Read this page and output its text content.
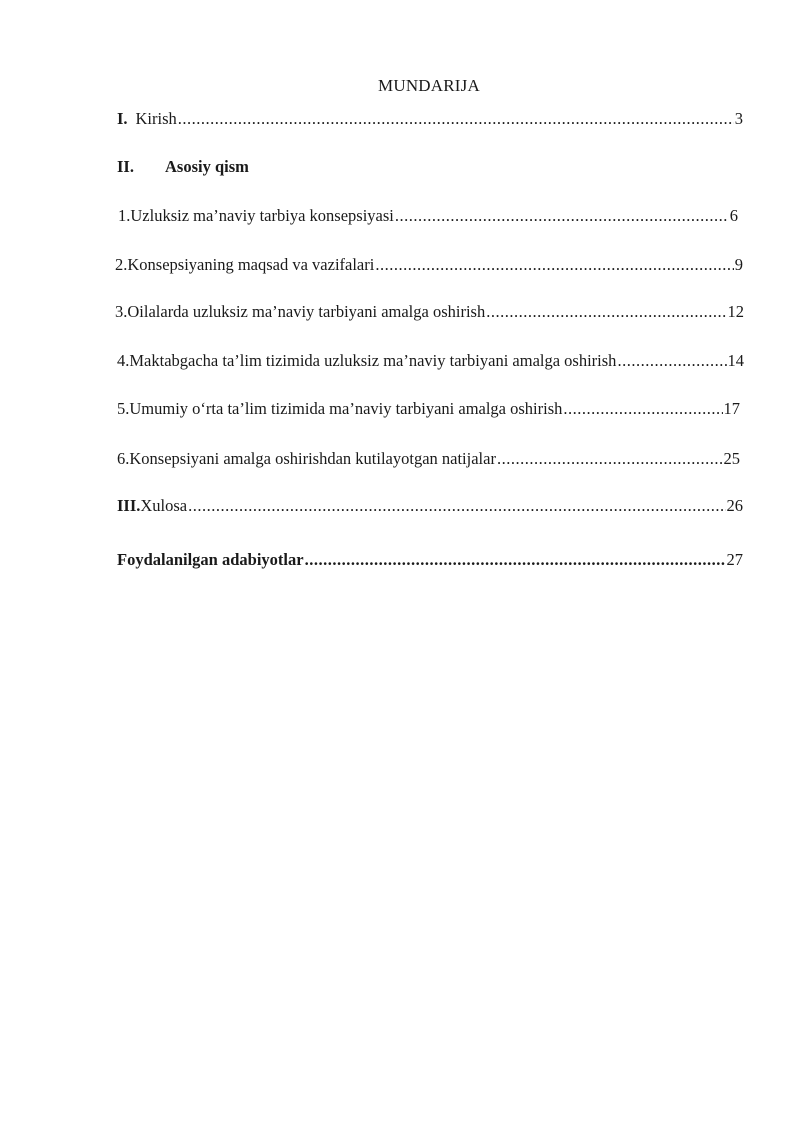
MUNDARIJA
I. Kirish .....	3
II.	Asosiy qism
1. Uzluksiz ma’naviy tarbiya konsepsiyasi .....	6
2. Konsepsiyaning maqsad va vazifalari .....	9
3. Oilalarda uzluksiz ma’naviy tarbiyani amalga oshirish .....	12
4. Maktabgacha ta’lim tizimida uzluksiz ma’naviy tarbiyani amalga oshirish .....	14
5. Umumiy o‘rta ta’lim tizimida ma’naviy tarbiyani amalga oshirish .....	17
6. Konsepsiyani amalga oshirishdan kutilayotgan natijalar .....	25
III. Xulosa .....	26
Foydalanilgan adabiyotlar .....	27
